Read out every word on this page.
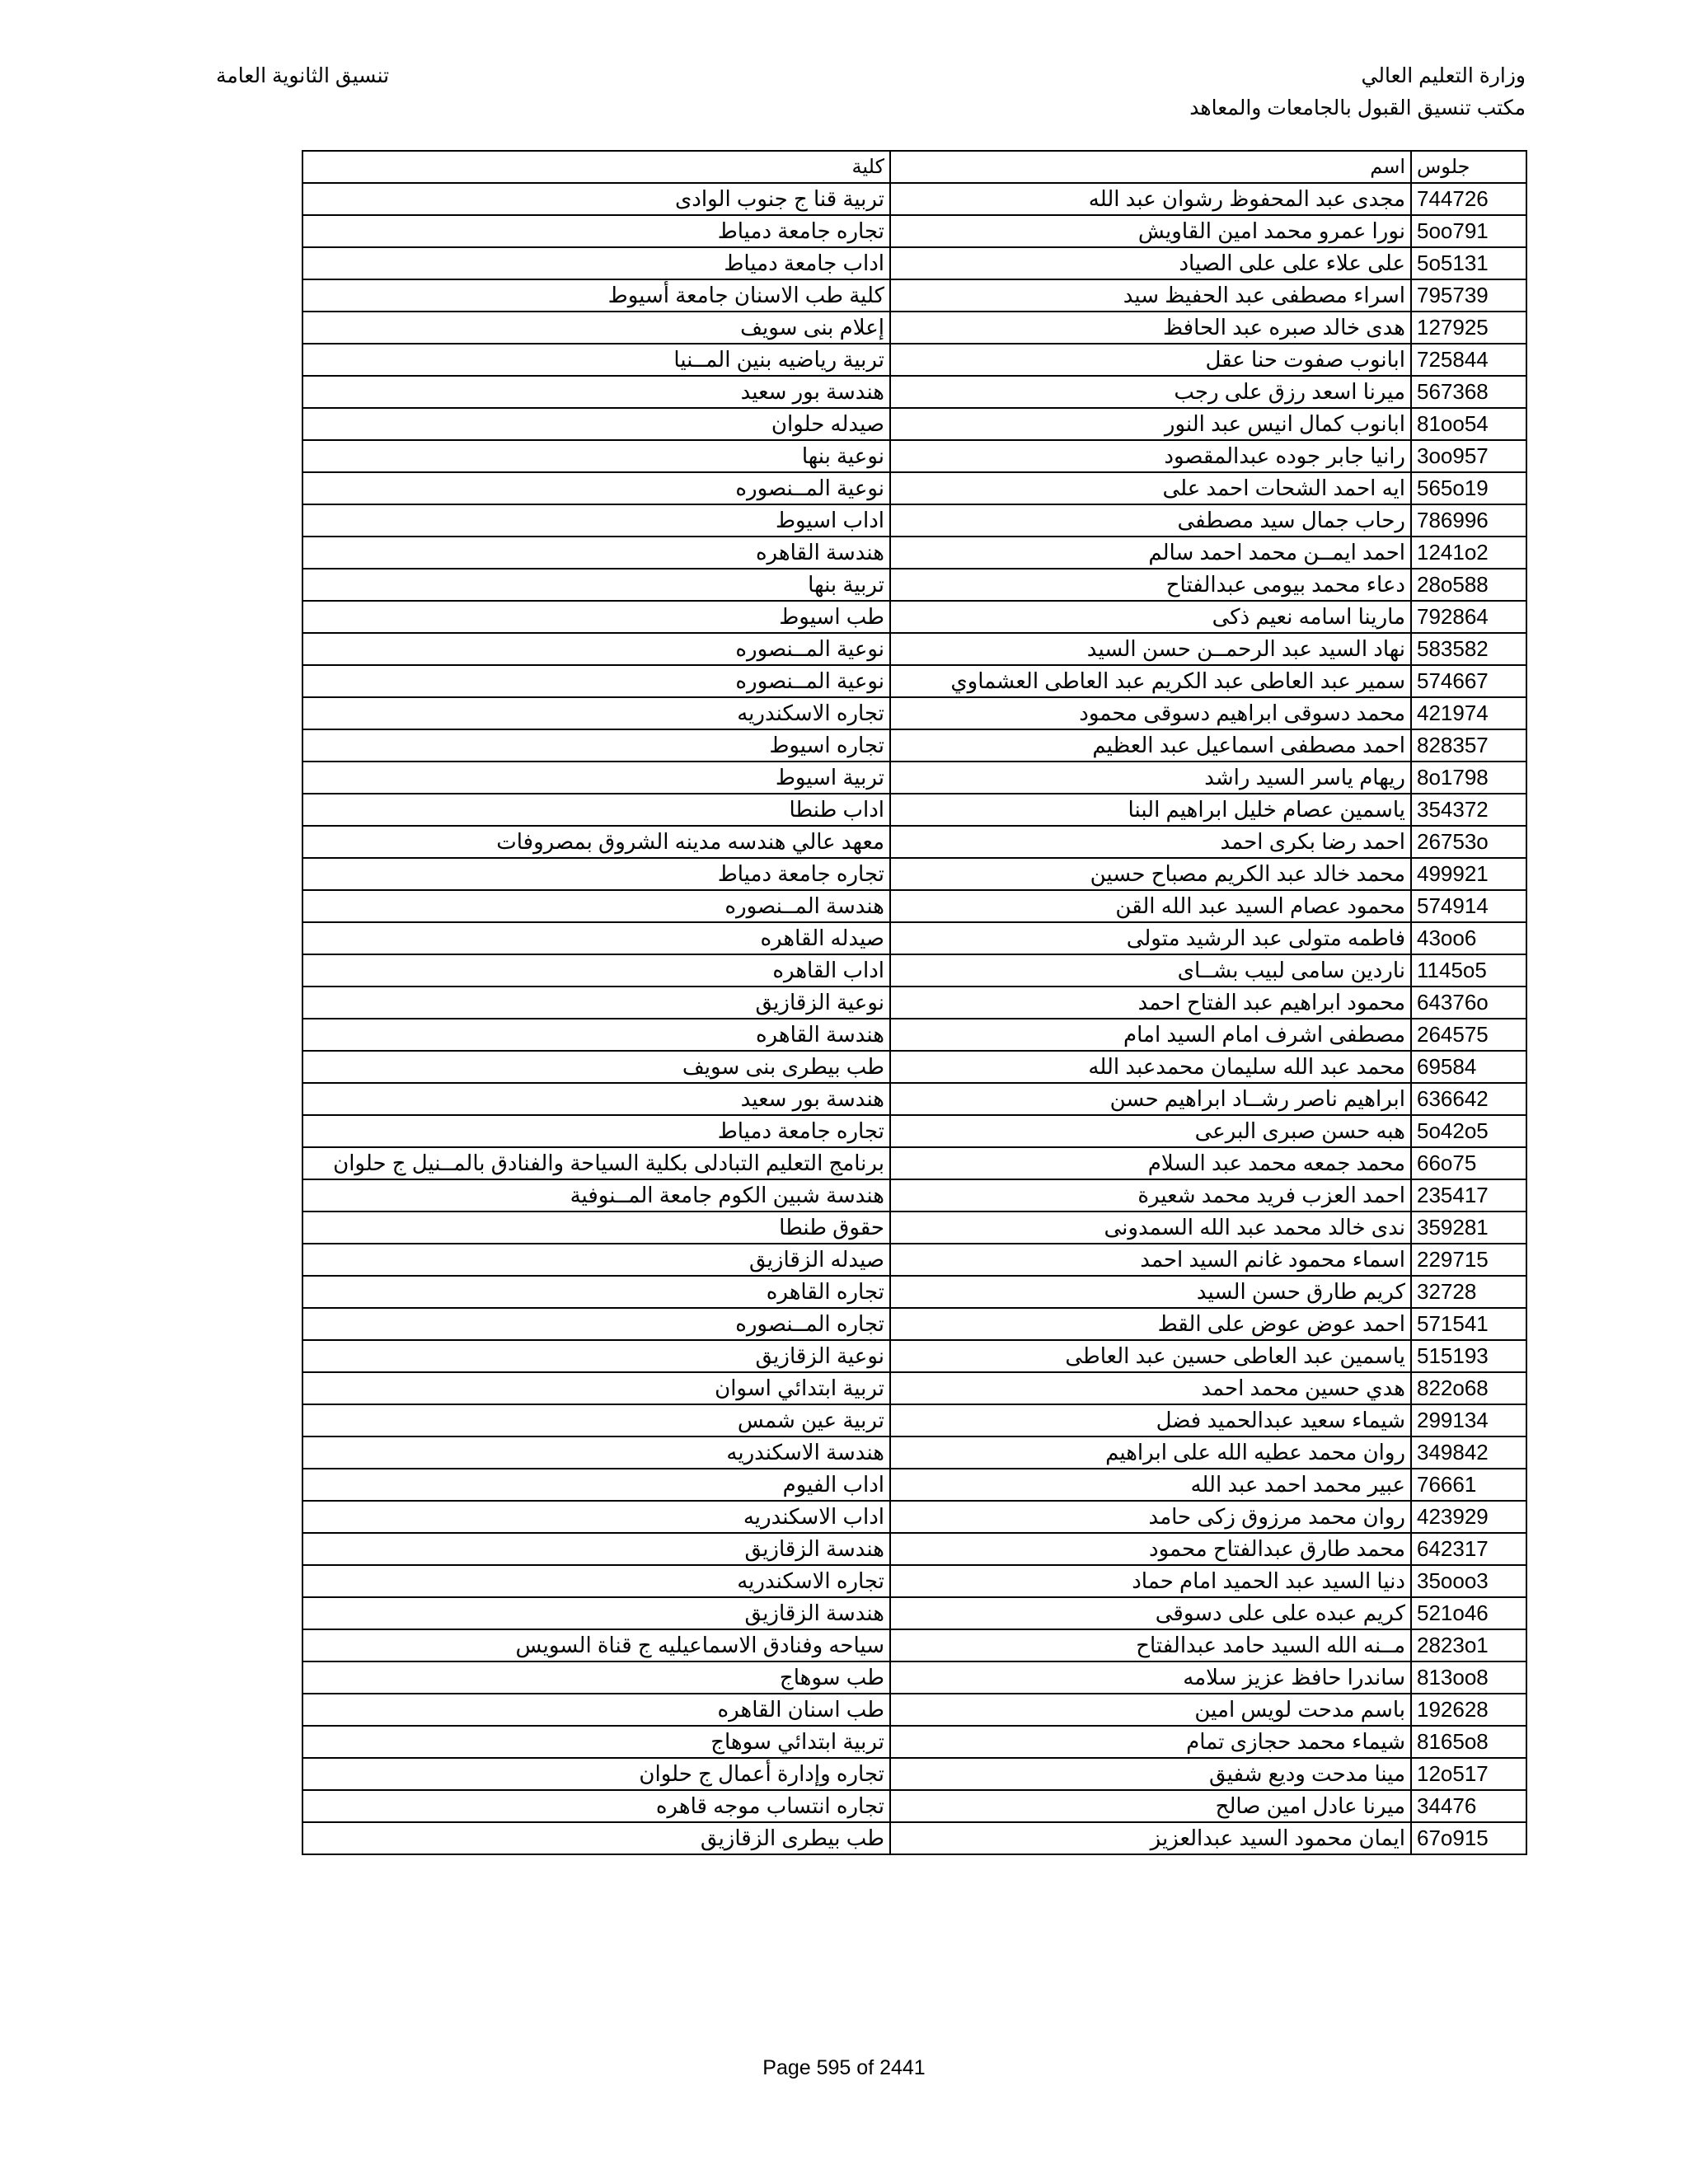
وزارة التعليم العالي
مكتب تنسيق القبول بالجامعات والمعاهد
تنسيق الثانوية العامة
جلوس	اسم	كلية
744726	مجدى عبد المحفوظ رشوان عبد الله	تربية قنا ج جنوب الوادى
5oo791	نورا عمرو محمد امين القاويش	تجاره جامعة دمياط
5o5131	على علاء على على الصياد	اداب جامعة دمياط
795739	اسراء مصطفى عبد الحفيظ سيد	كلية طب الاسنان جامعة أسيوط
127925	هدى خالد صبره عبد الحافظ	إعلام بنى سويف
725844	ابانوب صفوت حنا عقل	تربية رياضيه بنين المــنيا
567368	ميرنا اسعد رزق على رجب	هندسة بور سعيد
81oo54	ابانوب كمال انيس عبد النور	صيدله حلوان
3oo957	رانيا جابر جوده عبدالمقصود	نوعية بنها
565o19	ايه احمد الشحات احمد على	نوعية المــنصوره
786996	رحاب جمال سيد مصطفى	اداب اسيوط
1241o2	احمد ايمــن محمد احمد سالم	هندسة القاهره
28o588	دعاء محمد بيومى عبدالفتاح	تربية بنها
792864	مارينا اسامه نعيم ذكى	طب اسيوط
583582	نهاد السيد عبد الرحمــن حسن السيد	نوعية المــنصوره
574667	سمير عبد العاطى عبد الكريم عبد العاطى العشماوي	نوعية المــنصوره
421974	محمد دسوقى ابراهيم دسوقى محمود	تجاره الاسكندريه
828357	احمد مصطفى اسماعيل عبد العظيم	تجاره اسيوط
8o1798	ريهام ياسر السيد راشد	تربية اسيوط
354372	ياسمين عصام خليل ابراهيم البنا	اداب طنطا
26753o	احمد رضا بكرى احمد	معهد عالي هندسه مدينه الشروق بمصروفات
499921	محمد خالد عبد الكريم مصباح حسين	تجاره جامعة دمياط
574914	محمود عصام السيد عبد الله القن	هندسة المــنصوره
43oo6	فاطمه متولى عبد الرشيد متولى	صيدله القاهره
1145o5	ناردين سامى لبيب بشــاى	اداب القاهره
64376o	محمود ابراهيم عبد الفتاح احمد	نوعية الزقازيق
264575	مصطفى اشرف امام السيد امام	هندسة القاهره
69584	محمد عبد الله سليمان محمدعبد الله	طب بيطرى بنى سويف
636642	ابراهيم ناصر رشــاد ابراهيم حسن	هندسة بور سعيد
5o42o5	هبه حسن صبرى البرعى	تجاره جامعة دمياط
66o75	محمد جمعه محمد عبد السلام	برنامج التعليم التبادلى بكلية السياحة والفنادق بالمــنيل ج حلوان
235417	احمد العزب فريد محمد شعيرة	هندسة شبين الكوم جامعة المــنوفية
359281	ندى خالد محمد عبد الله السمدونى	حقوق طنطا
229715	اسماء محمود غانم السيد احمد	صيدله الزقازيق
32728	كريم طارق حسن السيد	تجاره القاهره
571541	احمد عوض عوض على القط	تجاره المــنصوره
515193	ياسمين عبد العاطى حسين عبد العاطى	نوعية الزقازيق
822o68	هدي حسين محمد احمد	تربية ابتدائي اسوان
299134	شيماء سعيد عبدالحميد فضل	تربية عين شمس
349842	روان محمد عطيه الله على ابراهيم	هندسة الاسكندريه
76661	عبير محمد احمد عبد الله	اداب الفيوم
423929	روان محمد مرزوق زكى حامد	اداب الاسكندريه
642317	محمد طارق عبدالفتاح محمود	هندسة الزقازيق
35ooo3	دنيا السيد عبد الحميد امام حماد	تجاره الاسكندريه
521o46	كريم عبده على على دسوقى	هندسة الزقازيق
2823o1	مــنه الله السيد حامد عبدالفتاح	سياحه وفنادق الاسماعيليه ج قناة السويس
813oo8	ساندرا حافظ عزيز سلامه	طب سوهاج
192628	باسم مدحت لويس امين	طب اسنان القاهره
8165o8	شيماء محمد حجازى تمام	تربية ابتدائي سوهاج
12o517	مينا مدحت وديع شفيق	تجاره وإدارة أعمال ج حلوان
34476	ميرنا عادل امين صالح	تجاره انتساب موجه قاهره
67o915	ايمان محمود السيد عبدالعزيز	طب بيطرى الزقازيق
Page 595 of 2441
